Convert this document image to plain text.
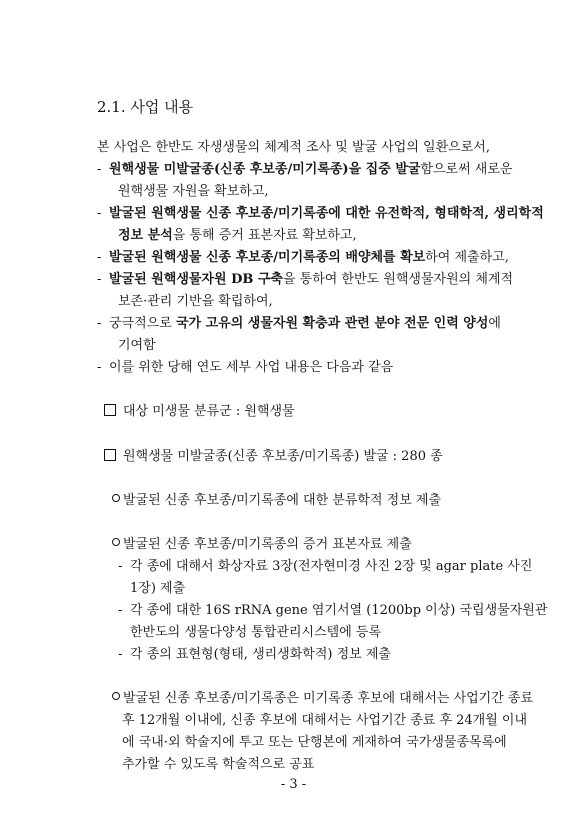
2.1. 사업 내용
본 사업은 한반도 자생생물의 체계적 조사 및 발굴 사업의 일환으로서,
- 원핵생물 미발굴종(신종 후보종/미기록종)을 집중 발굴함으로써 새로운
원핵생물 자원을 확보하고,
- 발굴된 원핵생물 신종 후보종/미기록종에 대한 유전학적, 형태학적, 생리학적
정보 분석을 통해 증거 표본자료 확보하고,
- 발굴된 원핵생물 신종 후보종/미기록종의 배양체를 확보하여 제출하고,
- 발굴된 원핵생물자원 DB 구축을 통하여 한반도 원핵생물자원의 체계적
보존·관리 기반을 확립하여,
- 궁극적으로 국가 고유의 생물자원 확충과 관련 분야 전문 인력 양성에
기여함
- 이를 위한 당해 연도 세부 사업 내용은 다음과 같음
대상 미생물 분류군 : 원핵생물
원핵생물 미발굴종(신종 후보종/미기록종) 발굴 : 280 종
발굴된 신종 후보종/미기록종에 대한 분류학적 정보 제출
발굴된 신종 후보종/미기록종의 증거 표본자료 제출
- 각 종에 대해서 화상자료 3장(전자현미경 사진 2장 및 agar plate 사진
1장) 제출
- 각 종에 대한 16S rRNA gene 염기서열 (1200bp 이상) 국립생물자원관
한반도의 생물다양성 통합관리시스템에 등록
- 각 종의 표현형(형태, 생리생화학적) 정보 제출
발굴된 신종 후보종/미기록종은 미기록종 후보에 대해서는 사업기간 종료
후 12개월 이내에, 신종 후보에 대해서는 사업기간 종료 후 24개월 이내
에 국내·외 학술지에 투고 또는 단행본에 게재하여 국가생물종목록에
추가할 수 있도록 학술적으로 공표
- 3 -
